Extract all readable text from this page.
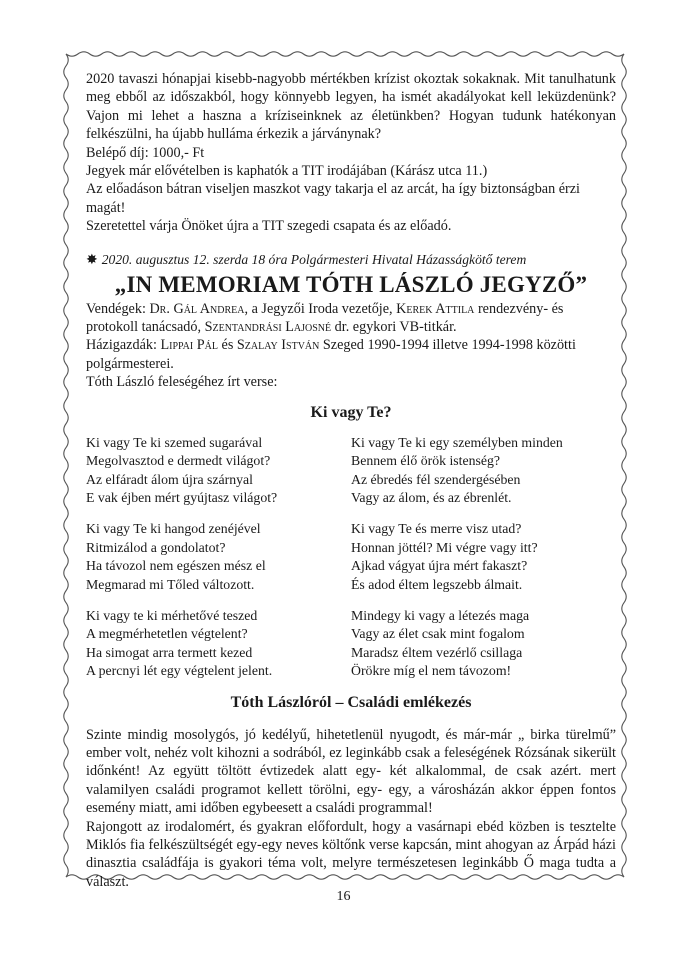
2020 tavaszi hónapjai kisebb-nagyobb mértékben krízist okoztak sokaknak. Mit tanulhatunk meg ebből az időszakból, hogy könnyebb legyen, ha ismét akadályokat kell leküzdenünk? Vajon mi lehet a haszna a kríziseinknek az életünkben? Hogyan tudunk hatékonyan felkészülni, ha újabb hulláma érkezik a járványnak?

Belépő díj: 1000,- Ft

Jegyek már elővételben is kaphatók a TIT irodájában (Kárász utca 11.)

Az előadáson bátran viseljen maszkot vagy takarja el az arcát, ha így biztonságban érzi magát!

Szeretettel várja Önöket újra a TIT szegedi csapata és az előadó.

✸ 2020. augusztus 12. szerda 18 óra Polgármesteri Hivatal Házasságkötő terem
„IN MEMORIAM TÓTH LÁSZLÓ JEGYZŐ”

Vendégek: Dr. Gál Andrea, a Jegyzői Iroda vezetője, Kerek Attila rendezvény- és protokoll tanácsadó, Szentandrási Lajosné dr. egykori VB-titkár.

Házigazdák: Lippai Pál és Szalay István Szeged 1990-1994 illetve 1994-1998 közötti polgármesterei.

Tóth László feleségéhez írt verse:

Ki vagy Te?
Ki vagy Te ki szemed sugarával
Megolvasztod e dermedt világot?
Az elfáradt álom újra szárnyal
E vak éjben mért gyújtasz világot?
Ki vagy Te ki egy személyben minden
Bennem élő örök istenség?
Az ébredés fél szendergésében
Vagy az álom, és az ébrenlét.
Ki vagy Te ki hangod zenéjével
Ritmizálod a gondolatot?
Ha távozol nem egészen mész el
Megmarad mi Tőled változott.
Ki vagy Te és merre visz utad?
Honnan jöttél? Mi végre vagy itt?
Ajkad vágyat újra mért fakaszt?
És adod éltem legszebb álmait.
Ki vagy te ki mérhetővé teszed
A megmérhetetlen végtelent?
Ha simogat arra termett kezed
A percnyi lét egy végtelent jelent.
Mindegy ki vagy a létezés maga
Vagy az élet csak mint fogalom
Maradsz éltem vezérlő csillaga
Örökre míg el nem távozom!
Tóth Lászlóról – Családi emlékezés

Szinte mindig mosolygós, jó kedélyű, hihetetlenül nyugodt, és már-már „ birka türelmű” ember volt, nehéz volt kihozni a sodrából, ez leginkább csak a feleségének Rózsának sikerült időnként! Az együtt töltött évtizedek alatt egy- két alkalommal, de csak azért. mert valamilyen családi programot kellett törölni, egy- egy, a városházán akkor éppen fontos esemény miatt, ami időben egybeesett a családi programmal!

Rajongott az irodalomért, és gyakran előfordult, hogy a vasárnapi ebéd közben is tesztelte Miklós fia felkészültségét egy-egy neves költőnk verse kapcsán, mint ahogyan az Árpád házi dinasztia családfája is gyakori téma volt, melyre természetesen leginkább Ő maga tudta a választ.

16
